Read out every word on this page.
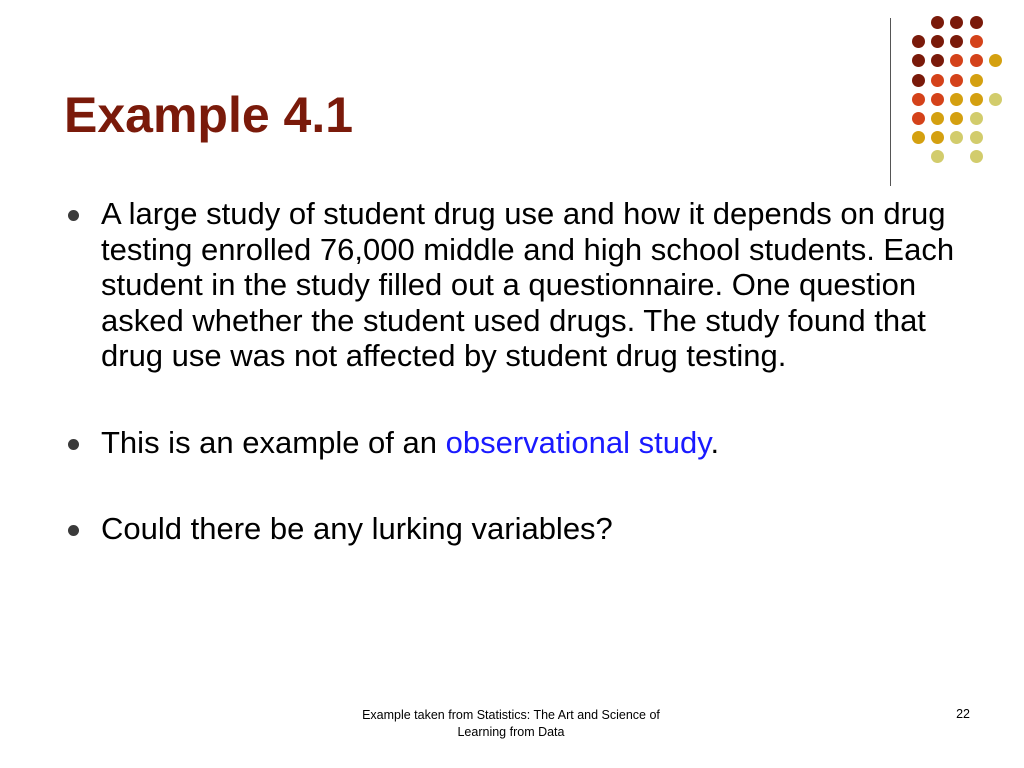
Example 4.1
A large study of student drug use and how it depends on drug testing enrolled 76,000 middle and high school students. Each student in the study filled out a questionnaire. One question asked whether the student used drugs. The study found that drug use was not affected by student drug testing.
This is an example of an observational study.
Could there be any lurking variables?
Example taken from Statistics: The Art and Science of Learning from Data
22
